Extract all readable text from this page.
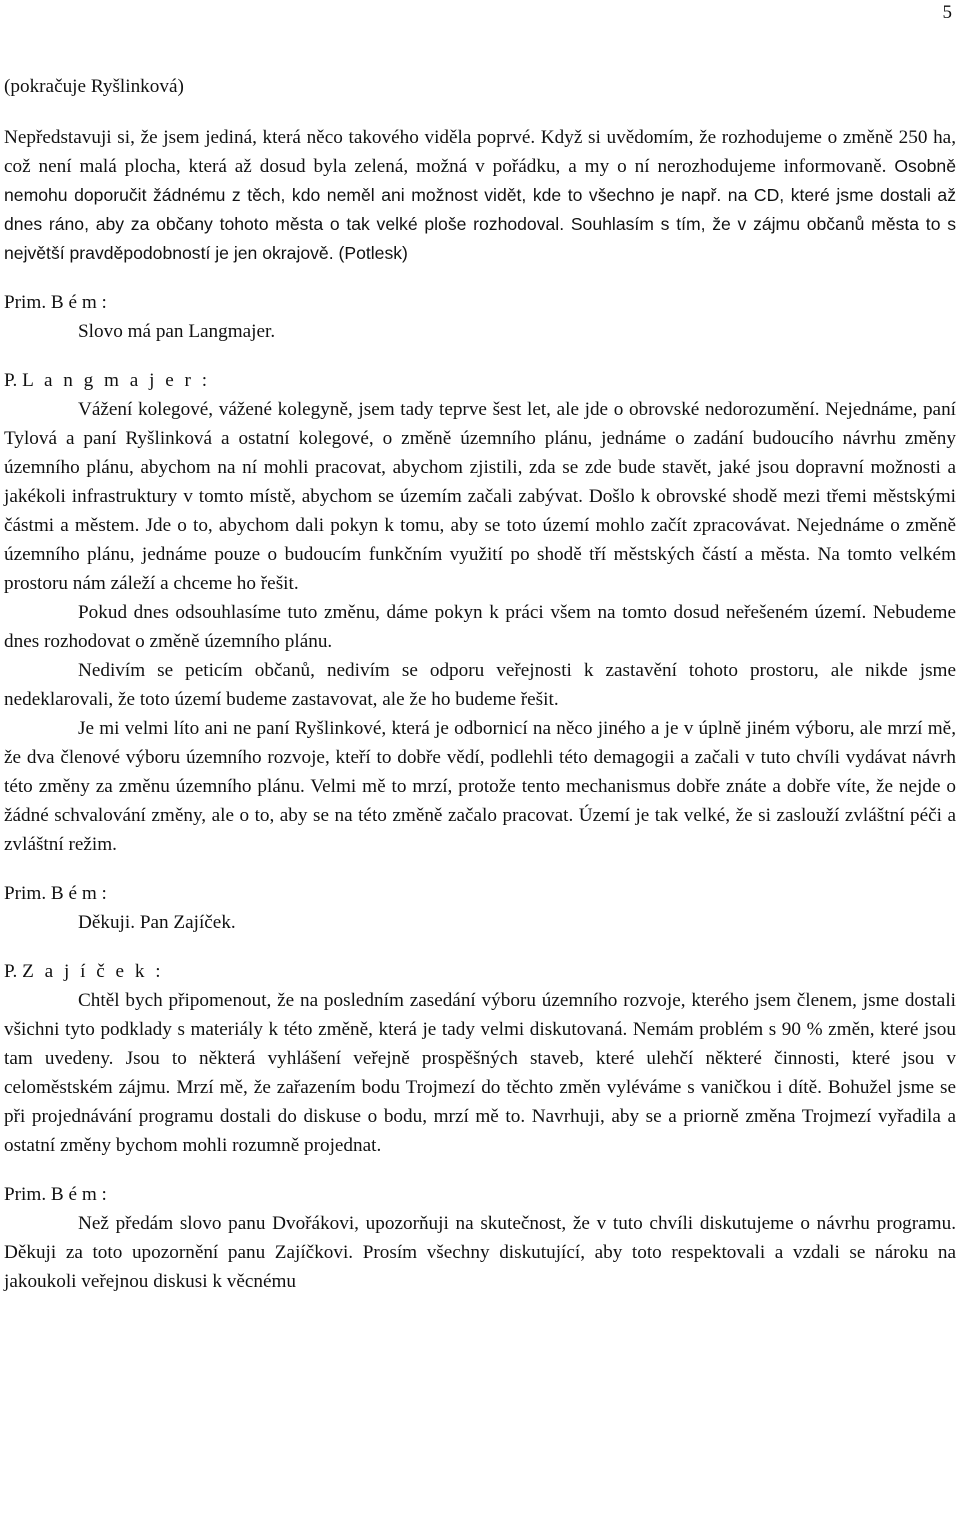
5

(pokračuje Ryšlinková)

Nepředstavuji si, že jsem jediná, která něco takového viděla poprvé. Když si uvědomím, že rozhodujeme o změně 250 ha, což není malá plocha, která až dosud byla zelená, možná v pořádku, a my o ní nerozhodujeme informovaně. Osobně nemohu doporučit žádnému z těch, kdo neměl ani možnost vidět, kde to všechno je např. na CD, které jsme dostali až dnes ráno, aby za občany tohoto města o tak velké ploše rozhodoval. Souhlasím s tím, že v zájmu občanů města to s největší pravděpodobností je jen okrajově. (Potlesk)

Prim. B é m :

Slovo má pan Langmajer.

P. L a n g m a j e r :

Vážení kolegové, vážené kolegyně, jsem tady teprve šest let, ale jde o obrovské nedorozumění. Nejednáme, paní Tylová a paní Ryšlinková a ostatní kolegové, o změně územního plánu, jednáme o zadání budoucího návrhu změny územního plánu, abychom na ní mohli pracovat, abychom zjistili, zda se zde bude stavět, jaké jsou dopravní možnosti a jakékoli infrastruktury v tomto místě, abychom se územím začali zabývat. Došlo k obrovské shodě mezi třemi městskými částmi a městem. Jde o to, abychom dali pokyn k tomu, aby se toto území mohlo začít zpracovávat. Nejednáme o změně územního plánu, jednáme pouze o budoucím funkčním využití po shodě tří městských částí a města. Na tomto velkém prostoru nám záleží a chceme ho řešit.

Pokud dnes odsouhlasíme tuto změnu, dáme pokyn k práci všem na tomto dosud neřešeném území. Nebudeme dnes rozhodovat o změně územního plánu.

Nedivím se peticím občanů, nedivím se odporu veřejnosti k zastavění tohoto prostoru, ale nikde jsme nedeklarovali, že toto území budeme zastavovat, ale že ho budeme řešit.

Je mi velmi líto ani ne paní Ryšlinkové, která je odbornicí na něco jiného a je v úplně jiném výboru, ale mrzí mě, že dva členové výboru územního rozvoje, kteří to dobře vědí, podlehli této demagogii a začali v tuto chvíli vydávat návrh této změny za změnu územního plánu. Velmi mě to mrzí, protože tento mechanismus dobře znáte a dobře víte, že nejde o žádné schvalování změny, ale o to, aby se na této změně začalo pracovat. Území je tak velké, že si zaslouží zvláštní péči a zvláštní režim.

Prim. B é m :

Děkuji. Pan Zajíček.

P. Z a j í č e k :

Chtěl bych připomenout, že na posledním zasedání výboru územního rozvoje, kterého jsem členem, jsme dostali všichni tyto podklady s materiály k této změně, která je tady velmi diskutovaná. Nemám problém s 90 % změn, které jsou tam uvedeny. Jsou to některá vyhlášení veřejně prospěšných staveb, které ulehčí některé činnosti, které jsou v celoměstském zájmu. Mrzí mě, že zařazením bodu Trojmezí do těchto změn vyléváme s vaničkou i dítě. Bohužel jsme se při projednávání programu dostali do diskuse o bodu, mrzí mě to. Navrhuji, aby se a priorně změna Trojmezí vyřadila a ostatní změny bychom mohli rozumně projednat.

Prim. B é m :

Než předám slovo panu Dvořákovi, upozorňuji na skutečnost, že v tuto chvíli diskutujeme o návrhu programu. Děkuji za toto upozornění panu Zajíčkovi. Prosím všechny diskutující, aby toto respektovali a vzdali se nároku na jakoukoli veřejnou diskusi k věcnému
